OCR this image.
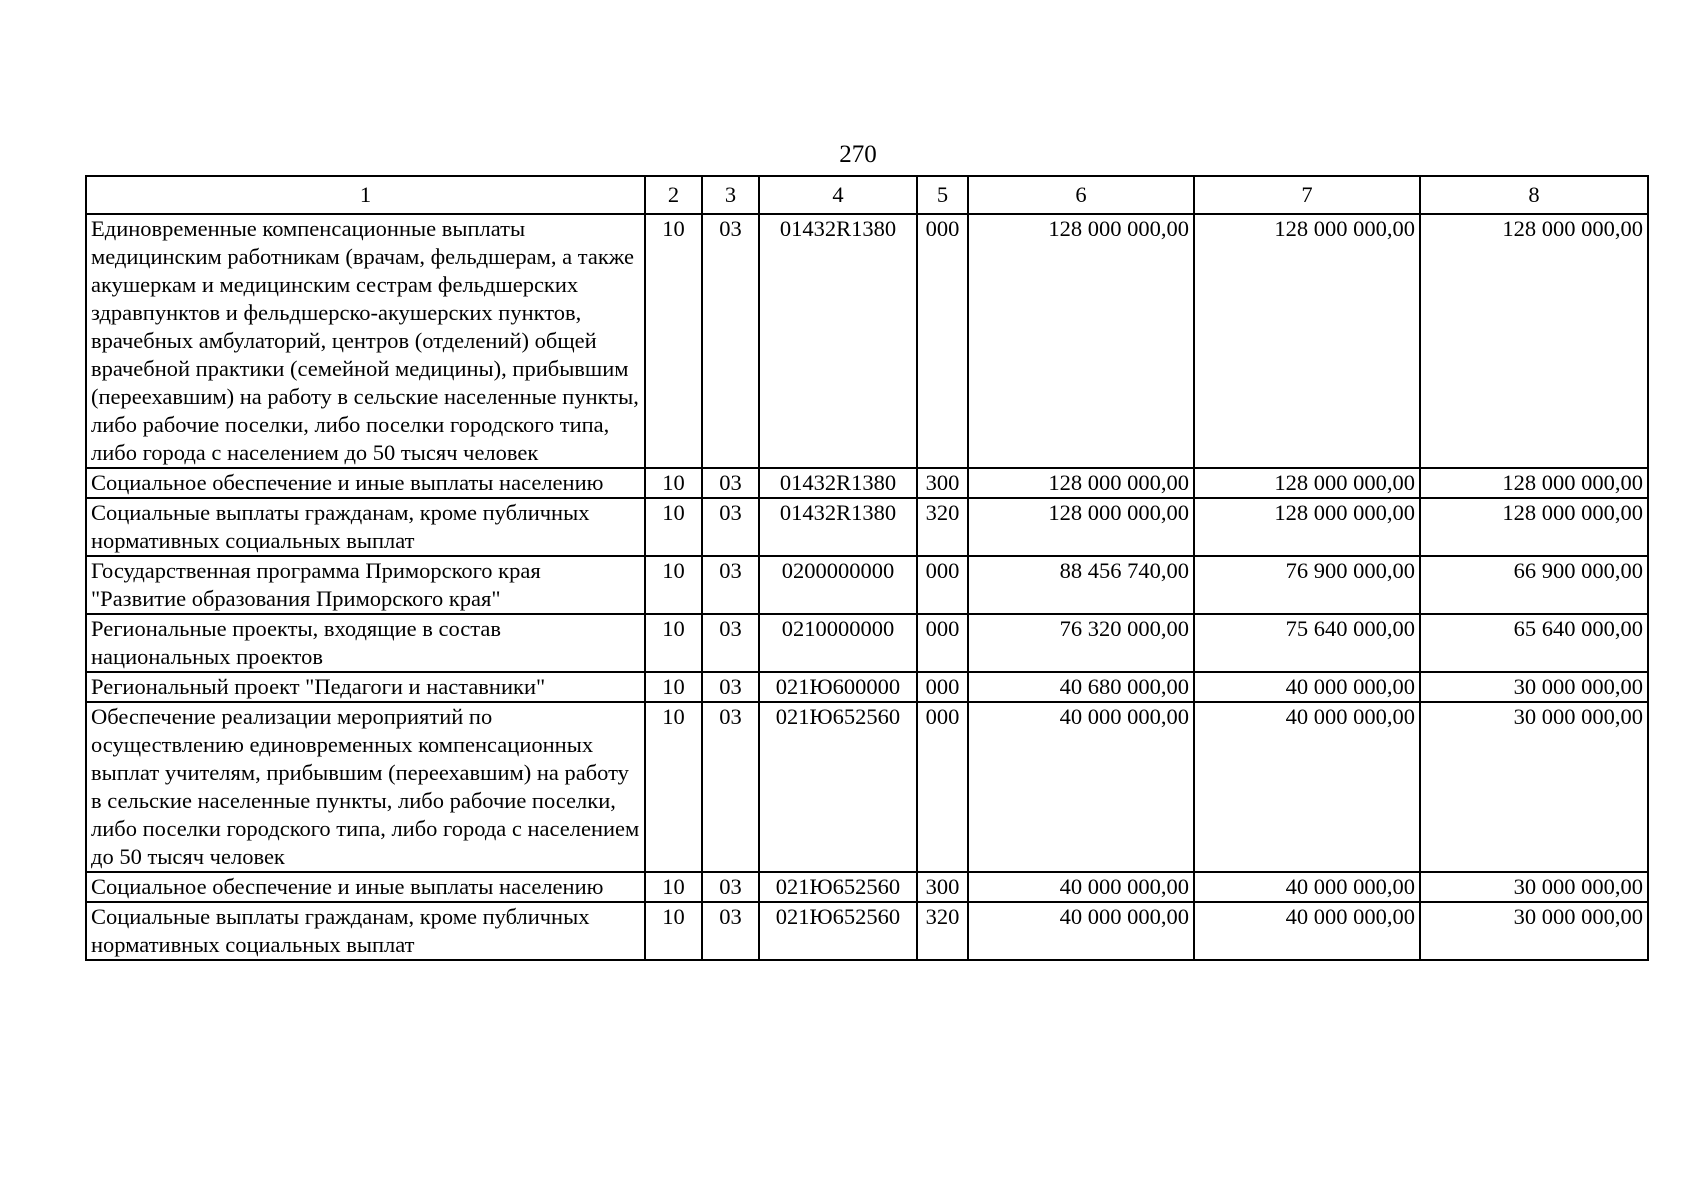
270
1	2	3	4	5	6	7	8
Единовременные компенсационные выплаты медицинским работникам (врачам, фельдшерам, а также акушеркам и медицинским сестрам фельдшерских здравпунктов и фельдшерско-акушерских пунктов, врачебных амбулаторий, центров (отделений) общей врачебной практики (семейной медицины), прибывшим (переехавшим) на работу в сельские населенные пункты, либо рабочие поселки, либо поселки городского типа, либо города с населением до 50 тысяч человек	10	03	01432R1380	000	128 000 000,00	128 000 000,00	128 000 000,00
Социальное обеспечение и иные выплаты населению	10	03	01432R1380	300	128 000 000,00	128 000 000,00	128 000 000,00
Социальные выплаты гражданам, кроме публичных нормативных социальных выплат	10	03	01432R1380	320	128 000 000,00	128 000 000,00	128 000 000,00
Государственная программа Приморского края "Развитие образования Приморского края"	10	03	0200000000	000	88 456 740,00	76 900 000,00	66 900 000,00
Региональные проекты, входящие в состав национальных проектов	10	03	0210000000	000	76 320 000,00	75 640 000,00	65 640 000,00
Региональный проект "Педагоги и наставники"	10	03	021Ю600000	000	40 680 000,00	40 000 000,00	30 000 000,00
Обеспечение реализации мероприятий по осуществлению единовременных компенсационных выплат учителям, прибывшим (переехавшим) на работу в сельские населенные пункты, либо рабочие поселки, либо поселки городского типа, либо города с населением до 50 тысяч человек	10	03	021Ю652560	000	40 000 000,00	40 000 000,00	30 000 000,00
Социальное обеспечение и иные выплаты населению	10	03	021Ю652560	300	40 000 000,00	40 000 000,00	30 000 000,00
Социальные выплаты гражданам, кроме публичных нормативных социальных выплат	10	03	021Ю652560	320	40 000 000,00	40 000 000,00	30 000 000,00
